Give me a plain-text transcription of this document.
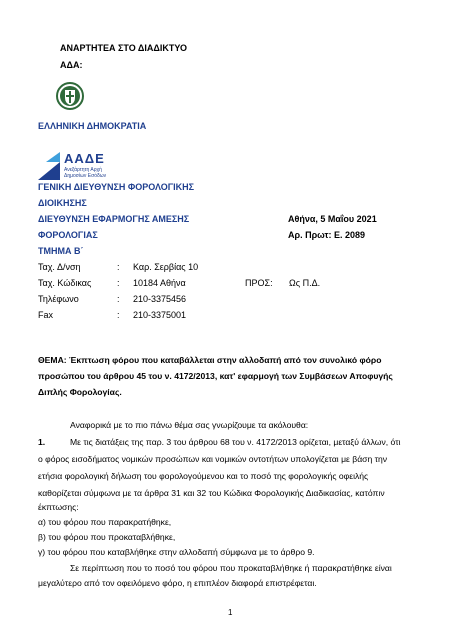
ΑΝΑΡΤΗΤΕΑ ΣΤΟ ΔΙΑΔΙΚΤΥΟ
ΑΔΑ:
ΕΛΛΗΝΙΚΗ ΔΗΜΟΚΡΑΤΙΑ
ΑΑΔΕ
Ανεξάρτητη Αρχή
Δημοσίων Εσόδων
ΓΕΝΙΚΗ ΔΙΕΥΘΥΝΣΗ ΦΟΡΟΛΟΓΙΚΗΣ
ΔΙΟΙΚΗΣΗΣ
ΔΙΕΥΘΥΝΣΗ ΕΦΑΡΜΟΓΗΣ ΑΜΕΣΗΣ
ΦΟΡΟΛΟΓΙΑΣ
ΤΜΗΜΑ Β΄
Αθήνα, 5 Μαΐου 2021
Αρ. Πρωτ: Ε. 2089
Ταχ. Δ/νση	: Καρ. Σερβίας 10
Ταχ. Κώδικας	: 10184 Αθήνα	ΠΡΟΣ: Ως Π.Δ.
Τηλέφωνο	: 210-3375456
Fax	: 210-3375001
ΘΕΜΑ: Έκπτωση φόρου που καταβάλλεται στην αλλοδαπή από τον συνολικό φόρο
προσώπου του άρθρου 45 του ν. 4172/2013, κατ' εφαρμογή των Συμβάσεων Αποφυγής
Διπλής Φορολογίας.
Αναφορικά με το πιο πάνω θέμα σας γνωρίζουμε τα ακόλουθα:
1.	Με τις διατάξεις της παρ. 3 του άρθρου 68 του ν. 4172/2013 ορίζεται, μεταξύ άλλων, ότι
ο φόρος εισοδήματος νομικών προσώπων και νομικών οντοτήτων υπολογίζεται με βάση την
ετήσια φορολογική δήλωση του φορολογούμενου και το ποσό της φορολογικής οφειλής
καθορίζεται σύμφωνα με τα άρθρα 31 και 32 του Κώδικα Φορολογικής Διαδικασίας, κατόπιν
έκπτωσης:
α) του φόρου που παρακρατήθηκε,
β) του φόρου που προκαταβλήθηκε,
γ) του φόρου που καταβλήθηκε στην αλλοδαπή σύμφωνα με το άρθρο 9.
Σε περίπτωση που το ποσό του φόρου που προκαταβλήθηκε ή παρακρατήθηκε είναι
μεγαλύτερο από τον οφειλόμενο φόρο, η επιπλέον διαφορά επιστρέφεται.
1
